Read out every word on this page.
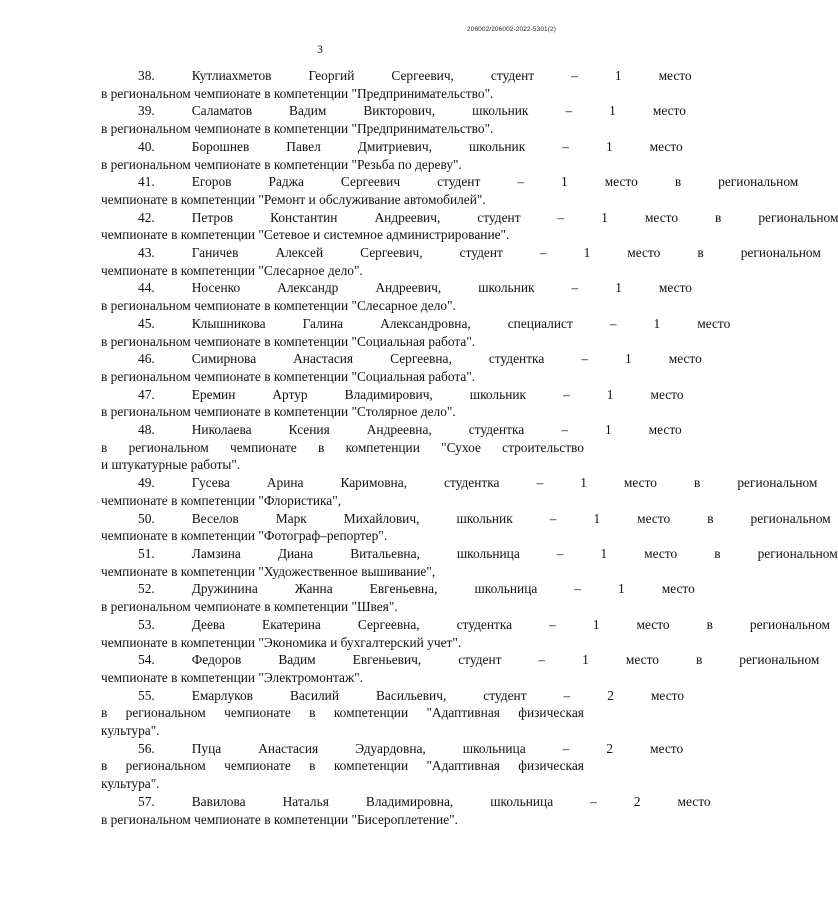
206002/206002-2022-5301(2)
3
38.	Кутлиахметов	Георгий	Сергеевич,	студент	–	1	место
в региональном чемпионате в компетенции "Предпринимательство".
39.	Саламатов	Вадим	Викторович,	школьник	–	1	место
в региональном чемпионате в компетенции "Предпринимательство".
40.	Борошнев	Павел	Дмитриевич,	школьник	–	1	место
в региональном чемпионате в компетенции "Резьба по дереву".
41.	Егоров	Раджа	Сергеевич	студент	–	1	место	в	региональном
чемпионате в компетенции "Ремонт и обслуживание автомобилей".
42.	Петров	Константин	Андреевич,	студент	–	1	место	в	региональном
чемпионате в компетенции "Сетевое и системное администрирование".
43.	Ганичев	Алексей	Сергеевич,	студент	–	1	место	в	региональном
чемпионате в компетенции "Слесарное дело".
44.	Носенко	Александр	Андреевич,	школьник	–	1	место
в региональном чемпионате в компетенции "Слесарное дело".
45.	Клышникова	Галина	Александровна,	специалист	–	1	место
в региональном чемпионате в компетенции "Социальная работа".
46.	Симирнова	Анастасия	Сергеевна,	студентка	–	1	место
в региональном чемпионате в компетенции "Социальная работа".
47.	Еремин	Артур	Владимирович,	школьник	–	1	место
в региональном чемпионате в компетенции "Столярное дело".
48.	Николаева	Ксения	Андреевна,	студентка	–	1	место
в региональном чемпионате в компетенции "Сухое строительство
и штукатурные работы".
49.	Гусева	Арина	Каримовна,	студентка	–	1	место	в	региональном
чемпионате в компетенции "Флористика",
50.	Веселов	Марк	Михайлович,	школьник	–	1	место	в	региональном
чемпионате в компетенции "Фотограф–репортер".
51.	Ламзина	Диана	Витальевна,	школьница	–	1	место	в	региональном
чемпионате в компетенции "Художественное вышивание",
52.	Дружинина	Жанна	Евгеньевна,	школьница	–	1	место
в региональном чемпионате в компетенции "Швея".
53.	Деева	Екатерина	Сергеевна,	студентка	–	1	место	в	региональном
чемпионате в компетенции "Экономика и бухгалтерский учет".
54.	Федоров	Вадим	Евгеньевич,	студент	–	1	место	в	региональном
чемпионате в компетенции "Электромонтаж".
55.	Емарлуков	Василий	Васильевич,	студент	–	2	место
в региональном чемпионате в компетенции "Адаптивная физическая
культура".
56.	Пуца	Анастасия	Эдуардовна,	школьница	–	2	место
в региональном чемпионате в компетенции "Адаптивная физическая
культура".
57.	Вавилова	Наталья	Владимировна,	школьница	–	2	место
в региональном чемпионате в компетенции "Бисероплетение".
